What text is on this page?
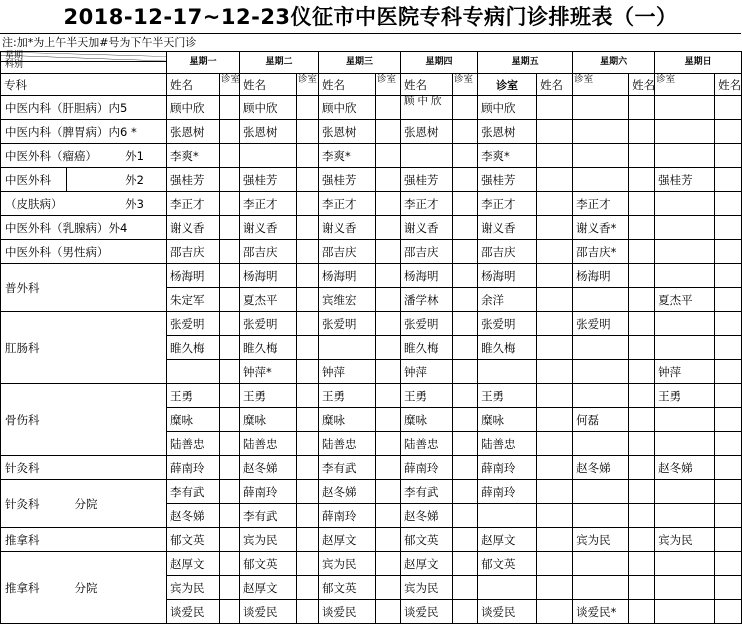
2018-12-17~12-23仪征市中医院专科专病门诊排班表（一）
注:加*为上午半天加#号为下午半天门诊
星期
科别		星期一		星期二		星期三		星期四		星期五		星期六		星期日		

专科		姓名	诊室	姓名	诊室	姓名	诊室	姓名	诊室	诊室	姓名	诊室	姓名	诊室	姓名	
中医内科（肝胆病）内5		顾中欣		顾中欣		顾中欣		顾中欣		顾中欣						
中医内科（脾胃病）内6 *		张恩树		张恩树		张恩树		张恩树		张恩树						
中医外科（瘤癌）	外1	李爽*				李爽*				李爽*						
中医外科	外2	强桂芳		强桂芳		强桂芳		强桂芳		强桂芳				强桂芳		
（皮肤病）	外3	李正才		李正才		李正才		李正才		李正才		李正才				
中医外科（乳腺病）外4		谢义香		谢义香		谢义香		谢义香		谢义香		谢义香*				
中医外科（男性病）		邵吉庆		邵吉庆		邵吉庆		邵吉庆		邵吉庆		邵吉庆*				
普外科		杨海明		杨海明		杨海明		杨海明		杨海明		杨海明				
		朱定军		夏杰平		宾维宏		潘学林		余洋				夏杰平		
肛肠科		张爱明		张爱明		张爱明		张爱明		张爱明		张爱明				
		睢久梅		睢久梅				睢久梅		睢久梅						
				钟萍*		钟萍		钟萍						钟萍		
骨伤科		王勇		王勇		王勇		王勇		王勇				王勇		
		糜咏		糜咏		糜咏		糜咏		糜咏		何磊				
		陆善忠		陆善忠		陆善忠		陆善忠		陆善忠						
针灸科		薛南玲		赵冬娣		李有武		薛南玲		薛南玲		赵冬娣		赵冬娣		
针灸科	分院	李有武		薛南玲		赵冬娣		李有武		薛南玲						
		赵冬娣		李有武		薛南玲		赵冬娣								
推拿科		郁文英		宾为民		赵厚文		郁文英		赵厚文		宾为民		宾为民		
推拿科	分院	赵厚文		郁文英		宾为民		赵厚文		郁文英						
		宾为民		赵厚文		郁文英		宾为民								
		谈爱民		谈爱民		谈爱民		谈爱民		谈爱民		谈爱民*				
